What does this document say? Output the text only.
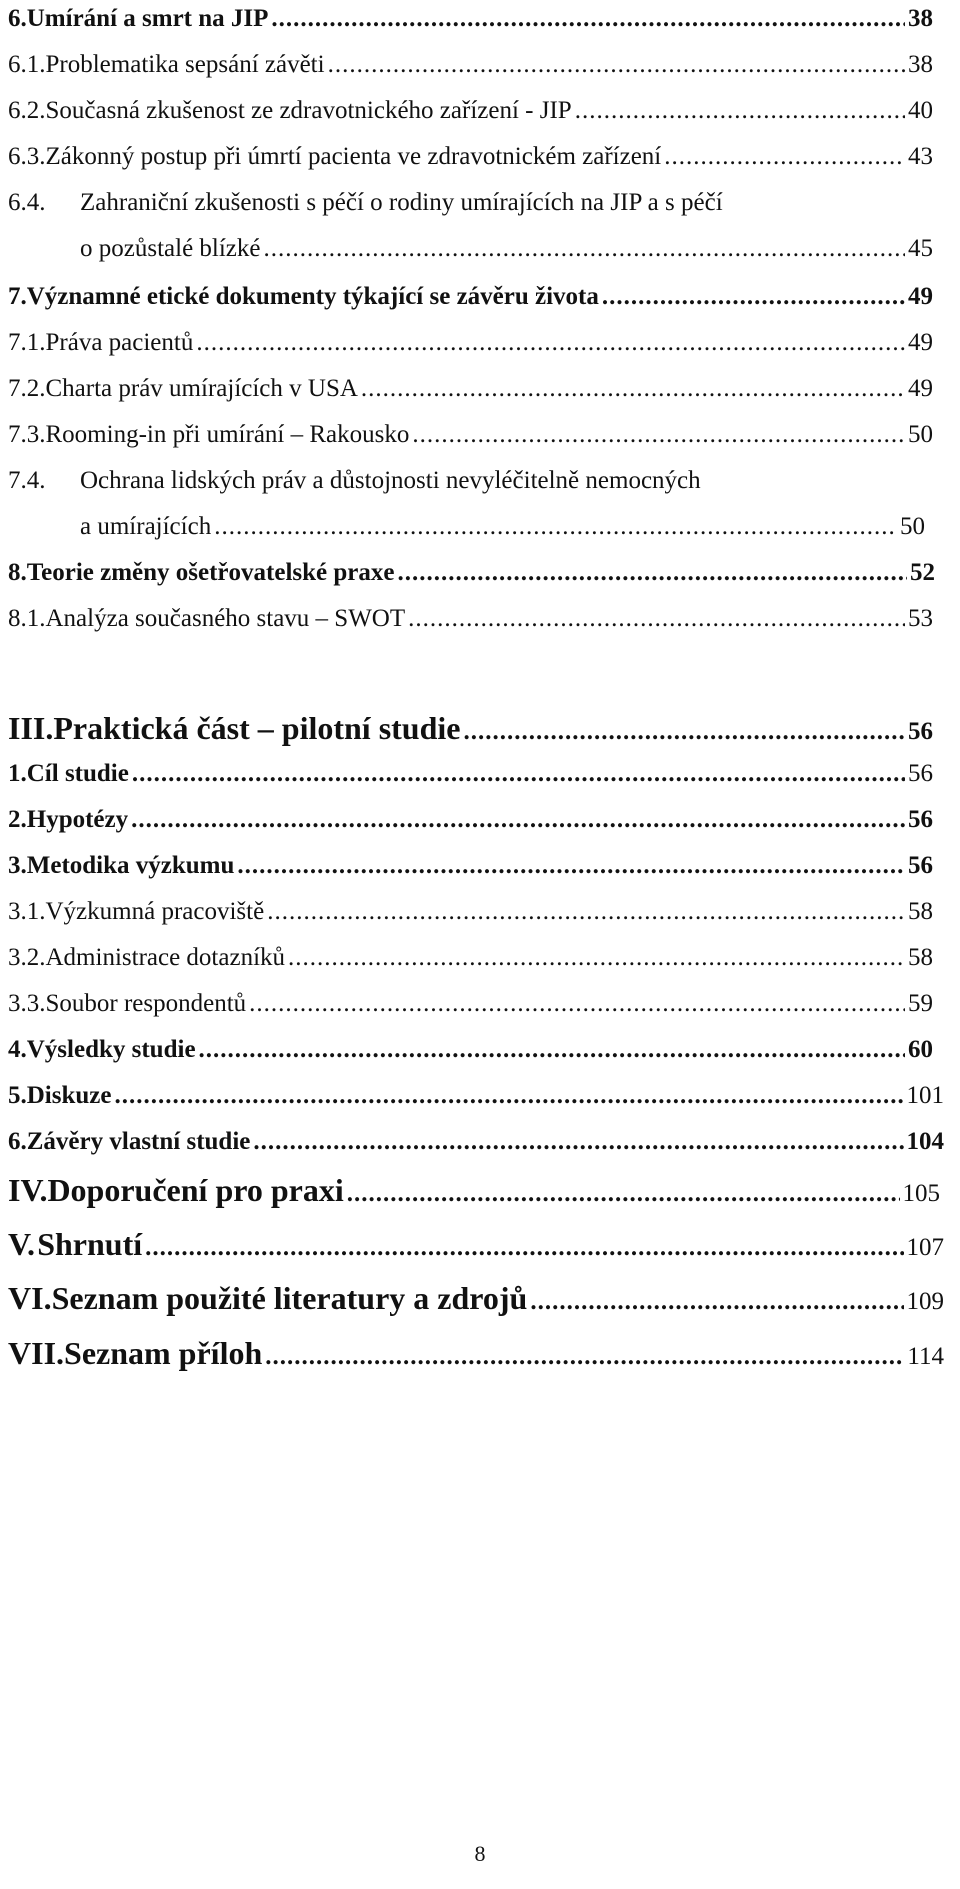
6. Umírání a smrt na JIP .....	38
6.1. Problematika sepsání závěti .....	38
6.2. Současná zkušenost ze zdravotnického zařízení - JIP .....	40
6.3. Zákonný postup při úmrtí pacienta ve zdravotnickém zařízení .....	43
6.4.	Zahraniční zkušenosti s péčí o rodiny umírajících na JIP a s péčí
o pozůstalé blízké .....	45
7. Významné etické dokumenty týkající se závěru života .....	49
7.1. Práva pacientů .....	49
7.2. Charta práv umírajících v USA .....	49
7.3. Rooming-in při umírání – Rakousko .....	50
7.4.	Ochrana lidských práv a důstojnosti nevyléčitelně nemocných
a umírajících .....	50
8. Teorie změny ošetřovatelské praxe .....	52
8.1. Analýza současného stavu – SWOT .....	53
III. Praktická část – pilotní studie .....	56
1. Cíl studie .....	56
2. Hypotézy .....	56
3. Metodika výzkumu .....	56
3.1. Výzkumná pracoviště .....	58
3.2. Administrace dotazníků .....	58
3.3. Soubor respondentů .....	59
4. Výsledky studie .....	60
5. Diskuze .....	101
6. Závěry vlastní studie .....	104
IV. Doporučení pro praxi .....	105
V. Shrnutí .....	107
VI. Seznam použité literatury a zdrojů .....	109
VII. Seznam příloh .....	114
8
